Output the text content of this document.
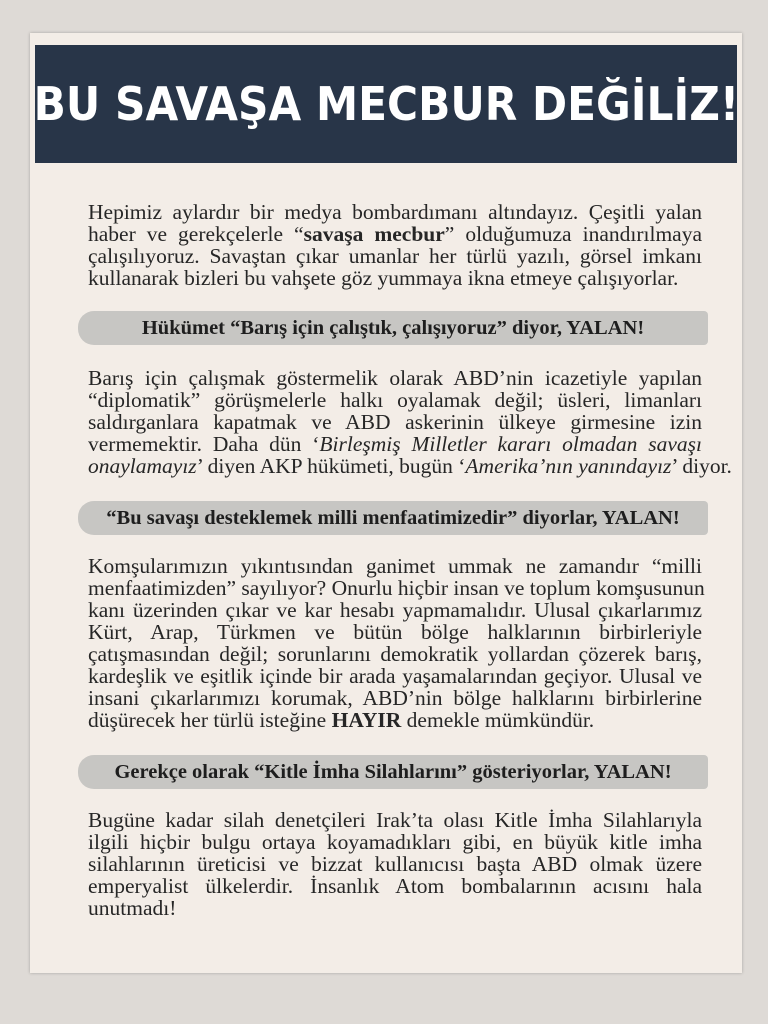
BU SAVAŞA MECBUR DEĞİLİZ!
Hepimiz aylardır bir medya bombardımanı altındayız. Çeşitli yalan
haber ve gerekçelerle “savaşa mecbur” olduğumuza inandırılmaya
çalışılıyoruz. Savaştan çıkar umanlar her türlü yazılı, görsel imkanı
kullanarak bizleri bu vahşete göz yummaya ikna etmeye çalışıyorlar.
Hükümet “Barış için çalıştık, çalışıyoruz” diyor, YALAN!
Barış için çalışmak göstermelik olarak ABD’nin icazetiyle yapılan
“diplomatik” görüşmelerle halkı oyalamak değil; üsleri, limanları
saldırganlara kapatmak ve ABD askerinin ülkeye girmesine izin
vermemektir. Daha dün ‘Birleşmiş Milletler kararı olmadan savaşı
onaylamayız’ diyen AKP hükümeti, bugün ‘Amerika’nın yanındayız’ diyor.
“Bu savaşı desteklemek milli menfaatimizedir” diyorlar, YALAN!
Komşularımızın yıkıntısından ganimet ummak ne zamandır “milli
menfaatimizden” sayılıyor? Onurlu hiçbir insan ve toplum komşusunun
kanı üzerinden çıkar ve kar hesabı yapmamalıdır. Ulusal çıkarlarımız
Kürt, Arap, Türkmen ve bütün bölge halklarının birbirleriyle
çatışmasından değil; sorunlarını demokratik yollardan çözerek barış,
kardeşlik ve eşitlik içinde bir arada yaşamalarından geçiyor. Ulusal ve
insani çıkarlarımızı korumak, ABD’nin bölge halklarını birbirlerine
düşürecek her türlü isteğine HAYIR demekle mümkündür.
Gerekçe olarak “Kitle İmha Silahlarını” gösteriyorlar, YALAN!
Bugüne kadar silah denetçileri Irak’ta olası Kitle İmha Silahlarıyla
ilgili hiçbir bulgu ortaya koyamadıkları gibi, en büyük kitle imha
silahlarının üreticisi ve bizzat kullanıcısı başta ABD olmak üzere
emperyalist ülkelerdir. İnsanlık Atom bombalarının acısını hala
unutmadı!
